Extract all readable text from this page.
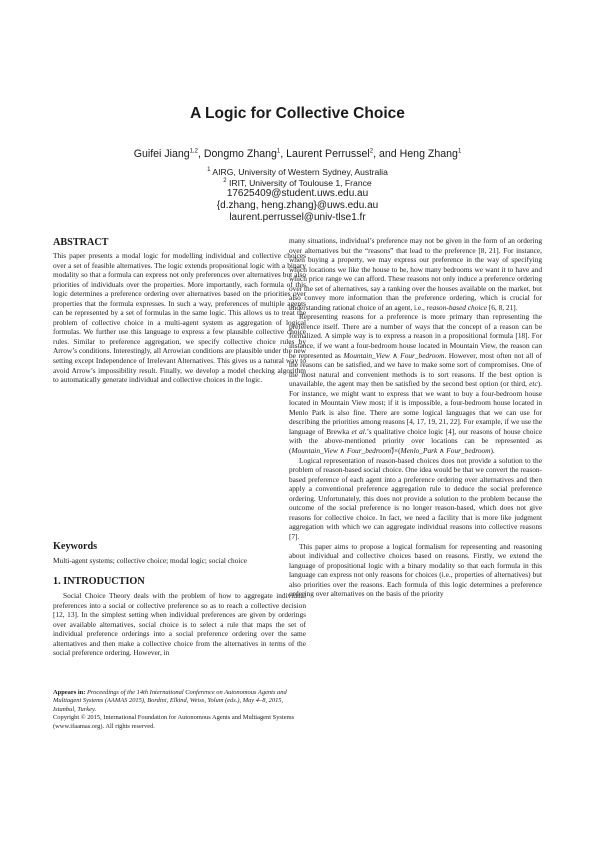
A Logic for Collective Choice
Guifei Jiang$^{1,2}$, Dongmo Zhang$^1$, Laurent Perrussel$^2$, and Heng Zhang$^1$
$^1$ AIRG, University of Western Sydney, Australia
$^2$ IRIT, University of Toulouse 1, France
17625409@student.uws.edu.au
{d.zhang, heng.zhang}@uws.edu.au
laurent.perrussel@univ-tlse1.fr
ABSTRACT

This paper presents a modal logic for modelling individual and collective choices over a set of feasible alternatives. The logic extends propositional logic with a binary modality so that a formula can express not only preferences over alternatives but also priorities of individuals over the properties. More importantly, each formula of this logic determines a preference ordering over alternatives based on the priorities over properties that the formula expresses. In such a way, preferences of multiple agents can be represented by a set of formulas in the same logic. This allows us to treat the problem of collective choice in a multi-agent system as aggregation of logical formulas. We further use this language to express a few plausible collective choice rules. Similar to preference aggregation, we specify collective choice rules by Arrow’s conditions. Interestingly, all Arrowian conditions are plausible under the new setting except Independence of Irrelevant Alternatives. This gives us a natural way to avoid Arrow’s impossibility result. Finally, we develop a model checking algorithm to automatically generate individual and collective choices in the logic.

Keywords

Multi-agent systems; collective choice; modal logic; social choice

1. INTRODUCTION

Social Choice Theory deals with the problem of how to aggregate individual preferences into a social or collective preference so as to reach a collective decision [12, 13]. In the simplest setting when individual preferences are given by orderings over available alternatives, social choice is to select a rule that maps the set of individual preference orderings into a social preference ordering over the same alternatives and then make a collective choice from the alternatives in terms of the social preference ordering. However, in

Appears in: Proceedings of the 14th International Conference on Autonomous Agents and Multiagent Systems (AAMAS 2015), Bordini, Elkind, Weiss, Yolum (eds.), May 4–8, 2015, Istanbul, Turkey.

Copyright © 2015, International Foundation for Autonomous Agents and Multiagent Systems (www.ifaamas.org). All rights reserved.

many situations, individual’s preference may not be given in the form of an ordering over alternatives but the “reasons” that lead to the preference [8, 21]. For instance, when buying a property, we may express our preference in the way of specifying which locations we like the house to be, how many bedrooms we want it to have and which price range we can afford. These reasons not only induce a preference ordering over the set of alternatives, say a ranking over the houses available on the market, but also convey more information than the preference ordering, which is crucial for understanding rational choice of an agent, i.e., reason-based choice [6, 8, 21].

Representing reasons for a preference is more primary than representing the preference itself. There are a number of ways that the concept of a reason can be formalized. A simple way is to express a reason in a propositional formula [18]. For instance, if we want a four-bedroom house located in Mountain View, the reason can be represented as Mountain_View ∧ Four_bedroom. However, most often not all of the reasons can be satisfied, and we have to make some sort of compromises. One of the most natural and convenient methods is to sort reasons. If the best option is unavailable, the agent may then be satisfied by the second best option (or third, etc). For instance, we might want to express that we want to buy a four-bedroom house located in Mountain View most; if it is impossible, a four-bedroom house located in Menlo Park is also fine. There are some logical languages that we can use for describing the priorities among reasons [4, 17, 19, 21, 22]. For example, if we use the language of Brewka et al.’s qualitative choice logic [4], our reasons of house choice with the above-mentioned priority over locations can be represented as (Mountain_View ∧ Four_bedroom)⃗×(Menlo_Park ∧ Four_bedroom).

Logical representation of reason-based choices does not provide a solution to the problem of reason-based social choice. One idea would be that we convert the reason-based preference of each agent into a preference ordering over alternatives and then apply a conventional preference aggregation rule to deduce the social preference ordering. Unfortunately, this does not provide a solution to the problem because the outcome of the social preference is no longer reason-based, which does not give reasons for collective choice. In fact, we need a facility that is more like judgment aggregation with which we can aggregate individual reasons into collective reasons [7].

This paper aims to propose a logical formalism for representing and reasoning about individual and collective choices based on reasons. Firstly, we extend the language of propositional logic with a binary modality so that each formula in this language can express not only reasons for choices (i.e., properties of alternatives) but also priorities over the reasons. Each formula of this logic determines a preference ordering over alternatives on the basis of the priority
